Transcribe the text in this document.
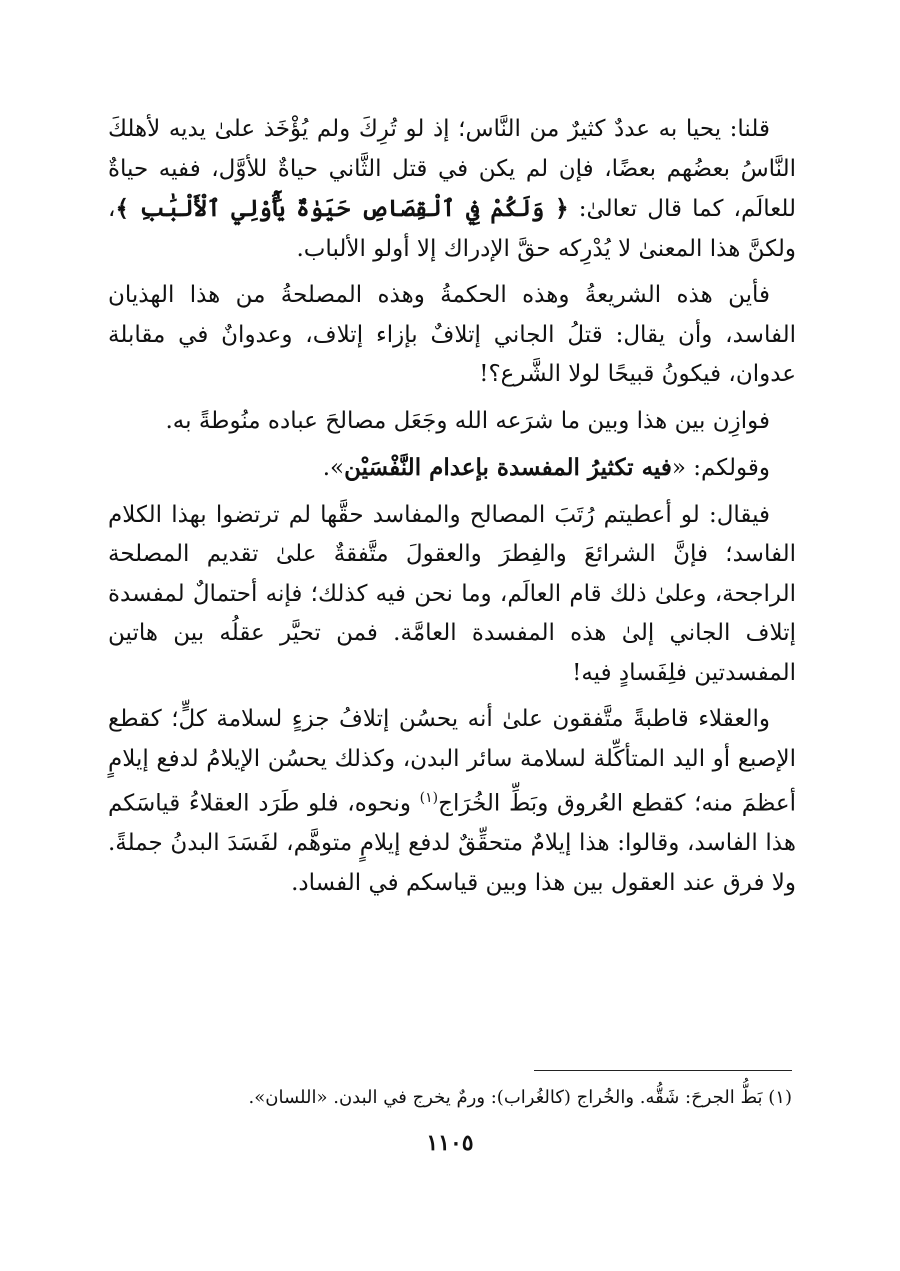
قلنا: يحيا به عددٌ كثيرٌ من النَّاس؛ إذ لو تُرِكَ ولم يُؤْخَذ علىٰ يديه لأهلكَ النَّاسُ بعضُهم بعضًا، فإن لم يكن في قتل الثَّاني حياةٌ للأوَّل، ففيه حياةٌ للعالَم، كما قال تعالىٰ: ﴿ وَلَكُمْ فِي ٱلْقِصَاصِ حَيَوٰةٌ يَٰٓأُوْلِي ٱلْأَلْبَٰبِ ﴾، ولكنَّ هذا المعنىٰ لا يُدْرِكه حقَّ الإدراك إلا أولو الألباب.

فأين هذه الشريعةُ وهذه الحكمةُ وهذه المصلحةُ من هذا الهذيان الفاسد، وأن يقال: قتلُ الجاني إتلافٌ بإزاء إتلاف، وعدوانٌ في مقابلة عدوان، فيكونُ قبيحًا لولا الشَّرع؟!

فوازِن بين هذا وبين ما شرَعه الله وجَعَل مصالحَ عباده منُوطةً به.

وقولكم: «فيه تكثيرُ المفسدة بإعدام النَّفْسَيْن».

فيقال: لو أعطيتم رُتَبَ المصالح والمفاسد حقَّها لم ترتضوا بهذا الكلام الفاسد؛ فإنَّ الشرائعَ والفِطرَ والعقولَ متَّفقةٌ علىٰ تقديم المصلحة الراجحة، وعلىٰ ذلك قام العالَم، وما نحن فيه كذلك؛ فإنه أحتمالٌ لمفسدة إتلاف الجاني إلىٰ هذه المفسدة العامَّة. فمن تحيَّر عقلُه بين هاتين المفسدتين فلِفَسادٍ فيه!

والعقلاء قاطبةً متَّفقون علىٰ أنه يحسُن إتلافُ جزءٍ لسلامة كلٍّ؛ كقطع الإصبع أو اليد المتأكِّلة لسلامة سائر البدن، وكذلك يحسُن الإيلامُ لدفع إيلامٍ أعظمَ منه؛ كقطع العُروق وبَطِّ الخُرَاج$^{(١)}$ ونحوه، فلو طَرَد العقلاءُ قياسَكم هذا الفاسد، وقالوا: هذا إيلامٌ متحقِّقٌ لدفع إيلامٍ متوهَّم، لفَسَدَ البدنُ جملةً. ولا فرق عند العقول بين هذا وبين قياسكم في الفساد.

(١) بَطُّ الجرحَ: شَقُّه. والخُراج (كالغُراب): ورمٌ يخرج في البدن. «اللسان».
١١٠٥
